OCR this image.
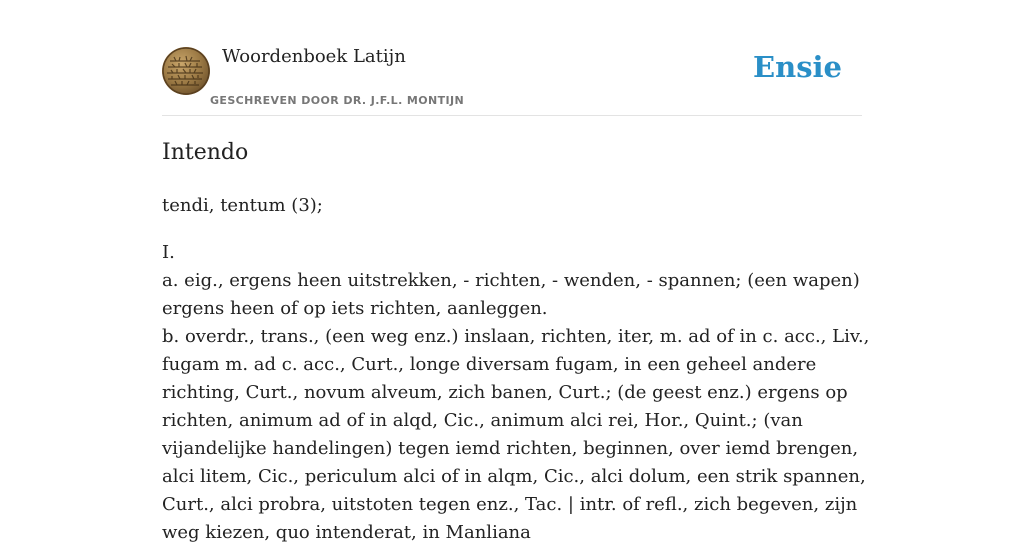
Woordenboek Latijn
GESCHREVEN DOOR DR. J.F.L. MONTIJN
Ensie
Intendo

tendi, tentum (3);

I.

a. eig., ergens heen uitstrekken, - richten, - wenden, - spannen; (een wapen) ergens heen of op iets richten, aanleggen.

b. overdr., trans., (een weg enz.) inslaan, richten, iter, m. ad of in c. acc., Liv., fugam m. ad c. acc., Curt., longe diversam fugam, in een geheel andere richting, Curt., novum alveum, zich banen, Curt.; (de geest enz.) ergens op richten, animum ad of in alqd, Cic., animum alci rei, Hor., Quint.; (van vijandelijke handelingen) tegen iemd richten, beginnen, over iemd brengen, alci litem, Cic., periculum alci of in alqm, Cic., alci dolum, een strik spannen, Curt., alci probra, uitstoten tegen enz., Tac. | intr. of refl., zich begeven, zijn weg kiezen, quo intenderat, in Manliana
